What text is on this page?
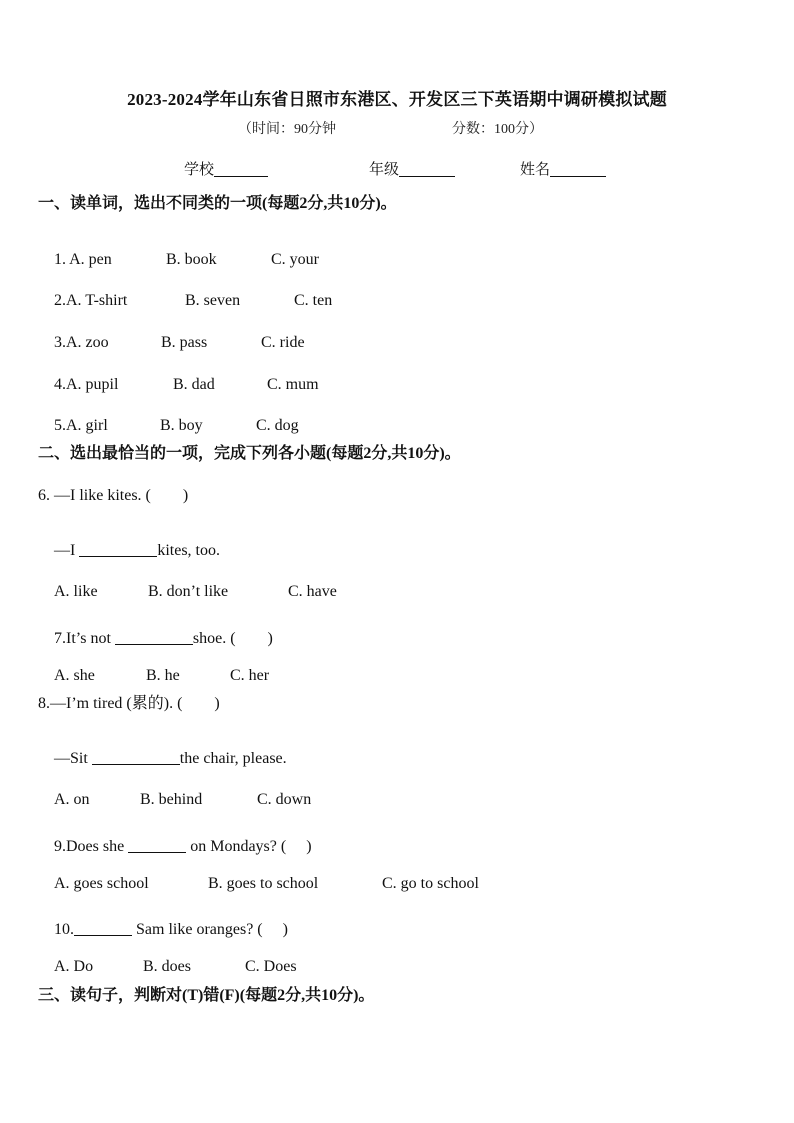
2023-2024学年山东省日照市东港区、开发区三下英语期中调研模拟试题
（时间：90分钟	分数：100分）
学校	年级	姓名
一、读单词，选出不同类的一项(每题2分,共10分)。

1. A. pen	B. book	C. your

2.A. T-shirt	B. seven	C. ten

3.A. zoo	B. pass	C. ride

4.A. pupil	B. dad	C. mum

5.A. girl	B. boy	C. dog

二、选出最恰当的一项，完成下列各小题(每题2分,共10分)。
6. —I like kites. (　　)

—I	kites, too.

A. like	B. don’t like	C. have

7.It’s not	shoe. (　　)

A. she	B. he	C. her

8.—I’m tired (累的). (　　)

—Sit	the chair, please.

A. on	B. behind	C. down

9.Does she	on Mondays? (　 )

A. goes school	B. goes to school	C. go to school

10.	Sam like oranges? (　 )

A. Do	B. does	C. Does

三、读句子，判断对(T)错(F)(每题2分,共10分)。
